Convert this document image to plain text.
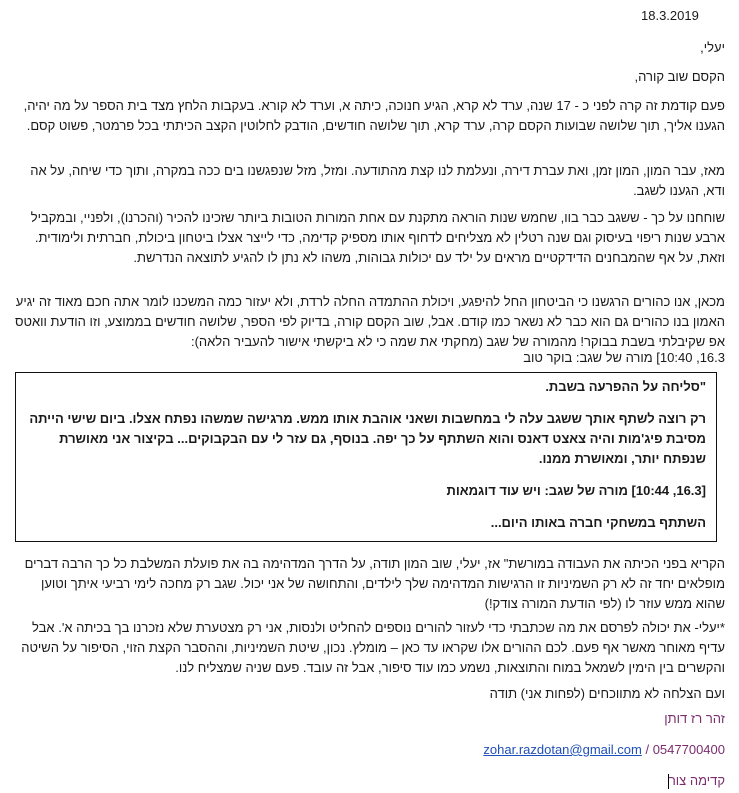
18.3.2019
יעלי,
הקסם שוב קורה,
פעם קודמת זה קרה לפני כ - 17 שנה, ערד לא קרא, הגיע חנוכה, כיתה א, וערד לא קורא. בעקבות הלחץ מצד בית הספר על מה יהיה, הגענו אליך, תוך שלושה שבועות הקסם קרה, ערד קרא, תוך שלושה חודשים, הודבק לחלוטין הקצב הכיתתי בכל פרמטר, פשוט קסם.
מאז, עבר המון, המון זמן, ואת עברת דירה, ונעלמת לנו קצת מהתודעה. ומזל, מזל שנפגשנו בים ככה במקרה, ותוך כדי שיחה, על אה ודא, הגענו לשגב.
שוחחנו על כך - ששגב כבר בוו, שחמש שנות הוראה מתקנת עם אחת המורות הטובות ביותר שזכינו להכיר (והכרנו), ולפניי, ובמקביל ארבע שנות ריפוי בעיסוק וגם שנה רטלין לא מצליחים לדחוף אותו מספיק קדימה, כדי לייצר אצלו ביטחון ביכולת, חברתית ולימודית. וזאת, על אף שהמבחנים הדידקטיים מראים על ילד עם יכולות גבוהות, משהו לא נתן לו להגיע לתוצאה הנדרשת.
מכאן, אנו כהורים הרגשנו כי הביטחון החל להיפגע, ויכולת ההתמדה החלה לרדת, ולא יעזור כמה המשכנו לומר אתה חכם מאוד זה יגיע האמון בנו כהורים גם הוא כבר לא נשאר כמו קודם. אבל, שוב הקסם קורה, בדיוק לפי הספר, שלושה חודשים בממוצע, וזו הודעת וואטס אפ שקיבלתי בשבת בבוקר! מהמורה של שגב (מחקתי את שמה כי לא ביקשתי אישור להעביר הלאה):
16.3, 10:40] מורה של שגב: בוקר טוב

"סליחה על ההפרעה בשבת.

רק רוצה לשתף אותך ששגב עלה לי במחשבות ושאני אוהבת אותו ממש. מרגישה שמשהו נפתח אצלו. ביום שישי הייתה מסיבת פיג'מות והיה צאצט דאנס והוא השתתף על כך יפה. בנוסף, גם עזר לי עם הבקבוקים... בקיצור אני מאושרת שנפתח יותר, ומאושרת ממנו.

[16.3, 10:44] מורה של שגב: ויש עוד דוגמאות

השתתף במשחקי חברה באותו היום...

הקריא בפני הכיתה את העבודה במורשת" אז, יעלי, שוב המון תודה, על הדרך המדהימה בה את פועלת המשלבת כל כך הרבה דברים מופלאים יחד זה לא רק השמיניות זו הרגישות המדהימה שלך לילדים, והתחושה של אני יכול. שגב רק מחכה לימי רביעי איתך וטוען שהוא ממש עוזר לו (לפי הודעת המורה צודק!)
*יעלי- את יכולה לפרסם את מה שכתבתי כדי לעזור להורים נוספים להחליט ולנסות, אני רק מצטערת שלא נזכרנו בך בכיתה א'. אבל עדיף מאוחר מאשר אף פעם. לכם ההורים אלו שקראו עד כאן – מומלץ. נכון, שיטת השמיניות, וההסבר הקצת הזוי, הסיפור על השיטה והקשרים בין הימין לשמאל במוח והתוצאות, נשמע כמו עוד סיפור, אבל זה עובד. פעם שניה שמצליח לנו.
ועם הצלחה לא מתווכחים (לפחות אני) תודה
זהר רז דותן
zohar.razdotan@gmail.com / 0547700400
קדימה צור
